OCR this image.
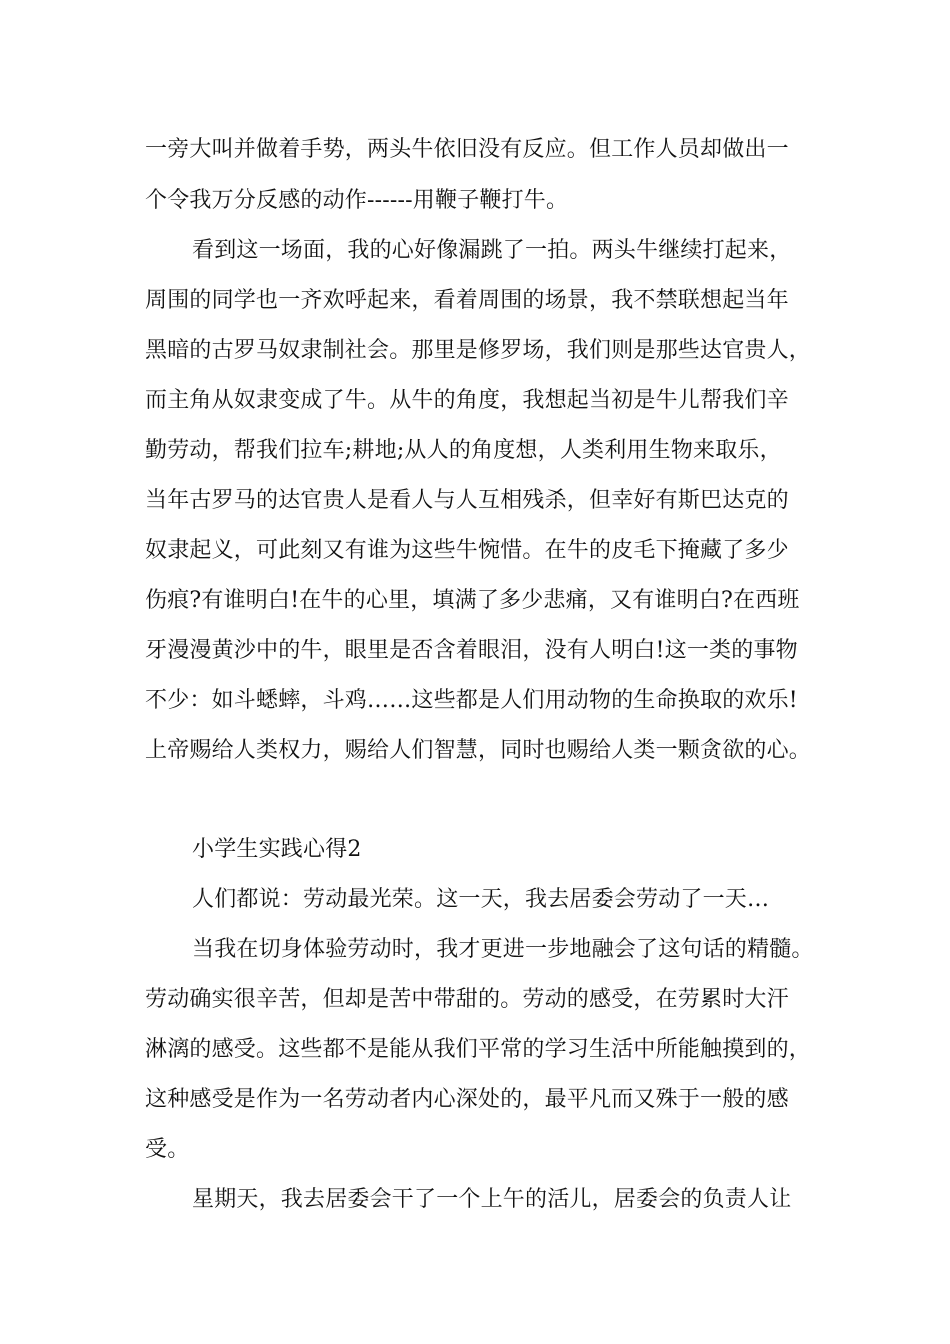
一旁大叫并做着手势，两头牛依旧没有反应。但工作人员却做出一
个令我万分反感的动作------用鞭子鞭打牛。
看到这一场面，我的心好像漏跳了一拍。两头牛继续打起来，
周围的同学也一齐欢呼起来，看着周围的场景，我不禁联想起当年
黑暗的古罗马奴隶制社会。那里是修罗场，我们则是那些达官贵人，
而主角从奴隶变成了牛。从牛的角度，我想起当初是牛儿帮我们辛
勤劳动，帮我们拉车;耕地;从人的角度想，人类利用生物来取乐，
当年古罗马的达官贵人是看人与人互相残杀，但幸好有斯巴达克的
奴隶起义，可此刻又有谁为这些牛惋惜。在牛的皮毛下掩藏了多少
伤痕?有谁明白!在牛的心里，填满了多少悲痛，又有谁明白?在西班
牙漫漫黄沙中的牛，眼里是否含着眼泪，没有人明白!这一类的事物
不少：如斗蟋蟀，斗鸡……这些都是人们用动物的生命换取的欢乐!
上帝赐给人类权力，赐给人们智慧，同时也赐给人类一颗贪欲的心。
小学生实践心得2
人们都说：劳动最光荣。这一天，我去居委会劳动了一天…
当我在切身体验劳动时，我才更进一步地融会了这句话的精髓。
劳动确实很辛苦，但却是苦中带甜的。劳动的感受，在劳累时大汗
淋漓的感受。这些都不是能从我们平常的学习生活中所能触摸到的，
这种感受是作为一名劳动者内心深处的，最平凡而又殊于一般的感
受。
星期天，我去居委会干了一个上午的活儿，居委会的负责人让
